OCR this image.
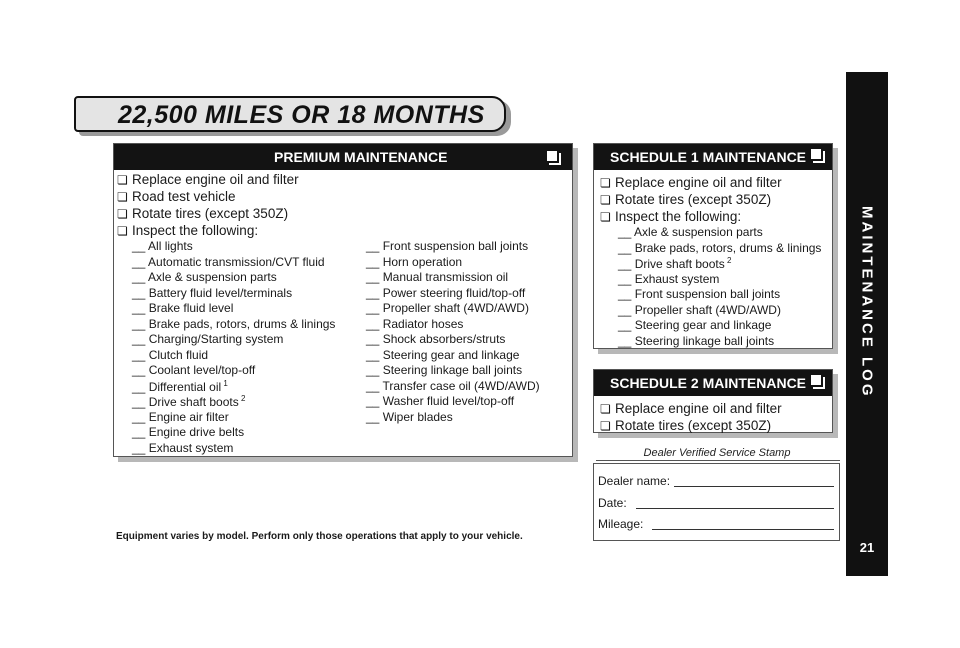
MAINTENANCE LOG
21
22,500 MILES OR 18 MONTHS
PREMIUM MAINTENANCE
❏ Replace engine oil and filter
❏ Road test vehicle
❏ Rotate tires (except 350Z)
❏ Inspect the following:
__ All lights
__ Automatic transmission/CVT fluid
__ Axle & suspension parts
__ Battery fluid level/terminals
__ Brake fluid level
__ Brake pads, rotors, drums & linings
__ Charging/Starting system
__ Clutch fluid
__ Coolant level/top-off
__ Differential oil $^1$
__ Drive shaft boots $^2$
__ Engine air filter
__ Engine drive belts
__ Exhaust system
__ Front suspension ball joints
__ Horn operation
__ Manual transmission oil
__ Power steering fluid/top-off
__ Propeller shaft (4WD/AWD)
__ Radiator hoses
__ Shock absorbers/struts
__ Steering gear and linkage
__ Steering linkage ball joints
__ Transfer case oil (4WD/AWD)
__ Washer fluid level/top-off
__ Wiper blades
SCHEDULE 1 MAINTENANCE
❏ Replace engine oil and filter
❏ Rotate tires (except 350Z)
❏ Inspect the following:
__ Axle & suspension parts
__ Brake pads, rotors, drums & linings
__ Drive shaft boots $^2$
__ Exhaust system
__ Front suspension ball joints
__ Propeller shaft (4WD/AWD)
__ Steering gear and linkage
__ Steering linkage ball joints
SCHEDULE 2 MAINTENANCE
❏ Replace engine oil and filter
❏ Rotate tires (except 350Z)
Dealer Verified Service Stamp
Dealer name:
Date:
Mileage:
Equipment varies by model. Perform only those operations that apply to your vehicle.
